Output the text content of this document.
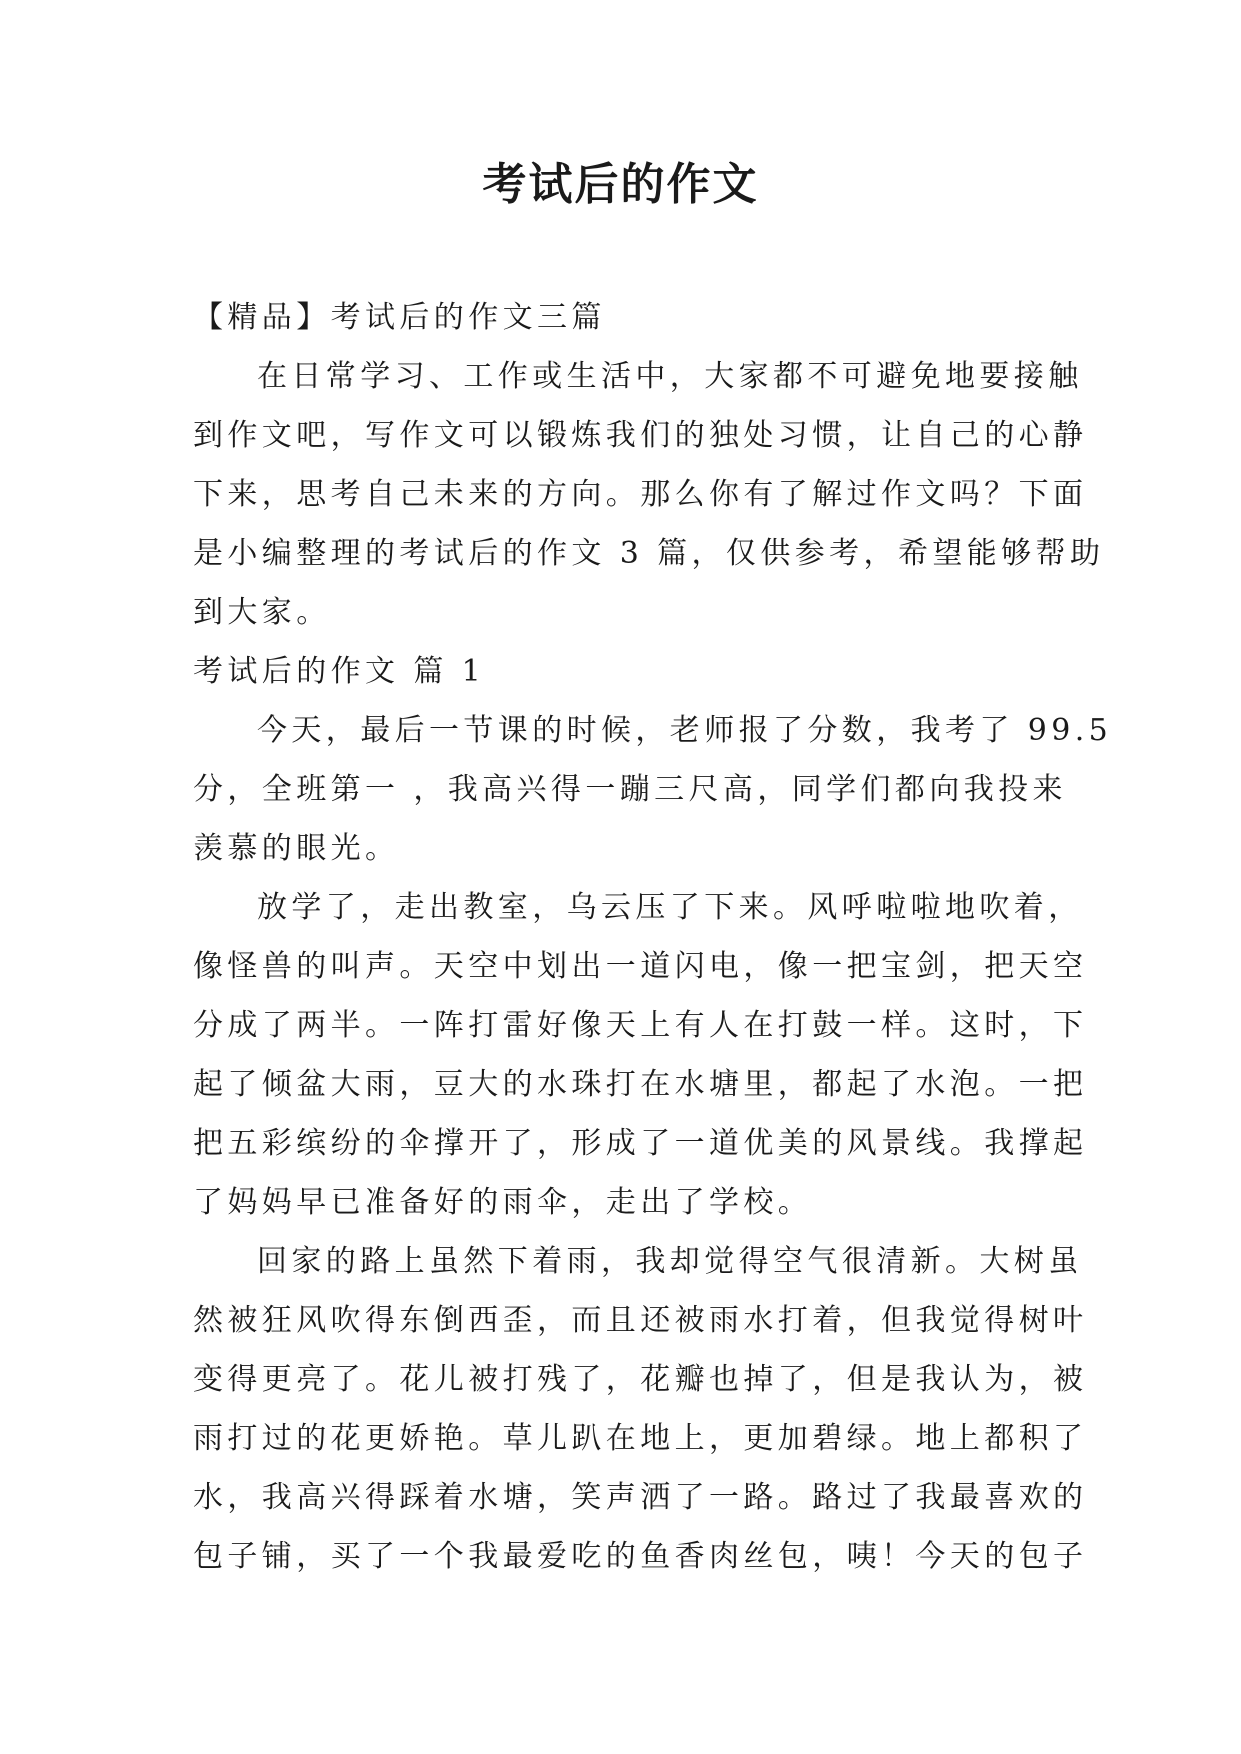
考试后的作文

【精品】考试后的作文三篇

在日常学习、工作或生活中，大家都不可避免地要接触

到作文吧，写作文可以锻炼我们的独处习惯，让自己的心静

下来，思考自己未来的方向。那么你有了解过作文吗？下面

是小编整理的考试后的作文 3 篇，仅供参考，希望能够帮助

到大家。

考试后的作文 篇 1

今天，最后一节课的时候，老师报了分数，我考了 99.5

分，全班第一 ，我高兴得一蹦三尺高，同学们都向我投来

羡慕的眼光。

放学了，走出教室，乌云压了下来。风呼啦啦地吹着，

像怪兽的叫声。天空中划出一道闪电，像一把宝剑，把天空

分成了两半。一阵打雷好像天上有人在打鼓一样。这时，下

起了倾盆大雨，豆大的水珠打在水塘里，都起了水泡。一把

把五彩缤纷的伞撑开了，形成了一道优美的风景线。我撑起

了妈妈早已准备好的雨伞，走出了学校。

回家的路上虽然下着雨，我却觉得空气很清新。大树虽

然被狂风吹得东倒西歪，而且还被雨水打着，但我觉得树叶

变得更亮了。花儿被打残了，花瓣也掉了，但是我认为，被

雨打过的花更娇艳。草儿趴在地上，更加碧绿。地上都积了

水，我高兴得踩着水塘，笑声洒了一路。路过了我最喜欢的

包子铺，买了一个我最爱吃的鱼香肉丝包，咦！今天的包子
